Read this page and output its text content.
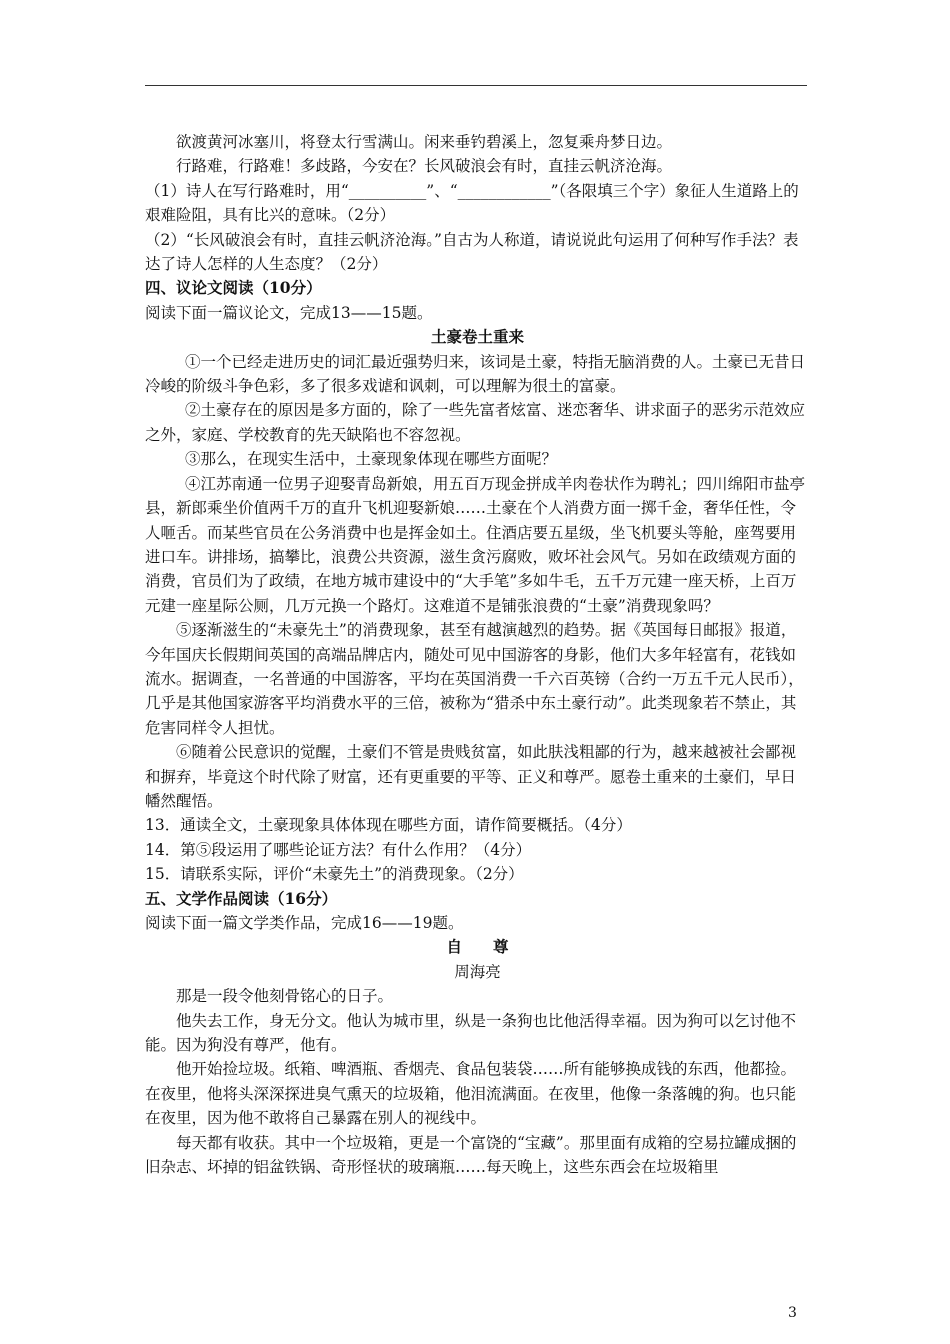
欲渡黄河冰塞川，将登太行雪满山。闲来垂钓碧溪上，忽复乘舟梦日边。

行路难，行路难！多歧路，今安在？长风破浪会有时，直挂云帆济沧海。

（1）诗人在写行路难时，用“__________”、“____________”（各限填三个字）象征人生道路上的艰难险阻，具有比兴的意味。（2分）

（2）“长风破浪会有时，直挂云帆济沧海。”自古为人称道，请说说此句运用了何种写作手法？表达了诗人怎样的人生态度？（2分）

四、议论文阅读（10分）

阅读下面一篇议论文，完成13——15题。

土豪卷土重来

①一个已经走进历史的词汇最近强势归来，该词是土豪，特指无脑消费的人。土豪已无昔日冷峻的阶级斗争色彩，多了很多戏谑和讽刺，可以理解为很土的富豪。

②土豪存在的原因是多方面的，除了一些先富者炫富、迷恋奢华、讲求面子的恶劣示范效应之外，家庭、学校教育的先天缺陷也不容忽视。

③那么，在现实生活中，土豪现象体现在哪些方面呢？

④江苏南通一位男子迎娶青岛新娘，用五百万现金拼成羊肉卷状作为聘礼；四川绵阳市盐亭县，新郎乘坐价值两千万的直升飞机迎娶新娘……土豪在个人消费方面一掷千金，奢华任性，令人咂舌。而某些官员在公务消费中也是挥金如土。住酒店要五星级，坐飞机要头等舱，座驾要用进口车。讲排场，搞攀比，浪费公共资源，滋生贪污腐败，败坏社会风气。另如在政绩观方面的消费，官员们为了政绩，在地方城市建设中的“大手笔”多如牛毛，五千万元建一座天桥，上百万元建一座星际公厕，几万元换一个路灯。这难道不是铺张浪费的“土豪”消费现象吗？

⑤逐渐滋生的“未豪先土”的消费现象，甚至有越演越烈的趋势。据《英国每日邮报》报道，今年国庆长假期间英国的高端品牌店内，随处可见中国游客的身影，他们大多年轻富有，花钱如流水。据调查，一名普通的中国游客，平均在英国消费一千六百英镑（合约一万五千元人民币），几乎是其他国家游客平均消费水平的三倍，被称为“猎杀中东土豪行动”。此类现象若不禁止，其危害同样令人担忧。

⑥随着公民意识的觉醒，土豪们不管是贵贱贫富，如此肤浅粗鄙的行为，越来越被社会鄙视和摒弃，毕竟这个时代除了财富，还有更重要的平等、正义和尊严。愿卷土重来的土豪们，早日幡然醒悟。

13．通读全文，土豪现象具体体现在哪些方面，请作简要概括。（4分）

14．第⑤段运用了哪些论证方法？有什么作用？（4分）

15．请联系实际，评价“未豪先土”的消费现象。（2分）

五、文学作品阅读（16分）

阅读下面一篇文学类作品，完成16——19题。

自　　尊

周海亮

那是一段令他刻骨铭心的日子。

他失去工作，身无分文。他认为城市里，纵是一条狗也比他活得幸福。因为狗可以乞讨他不能。因为狗没有尊严，他有。

他开始捡垃圾。纸箱、啤酒瓶、香烟壳、食品包装袋……所有能够换成钱的东西，他都捡。在夜里，他将头深深探进臭气熏天的垃圾箱，他泪流满面。在夜里，他像一条落魄的狗。也只能在夜里，因为他不敢将自己暴露在别人的视线中。

每天都有收获。其中一个垃圾箱，更是一个富饶的“宝藏”。那里面有成箱的空易拉罐成捆的旧杂志、坏掉的铝盆铁锅、奇形怪状的玻璃瓶……每天晚上，这些东西会在垃圾箱里

3
